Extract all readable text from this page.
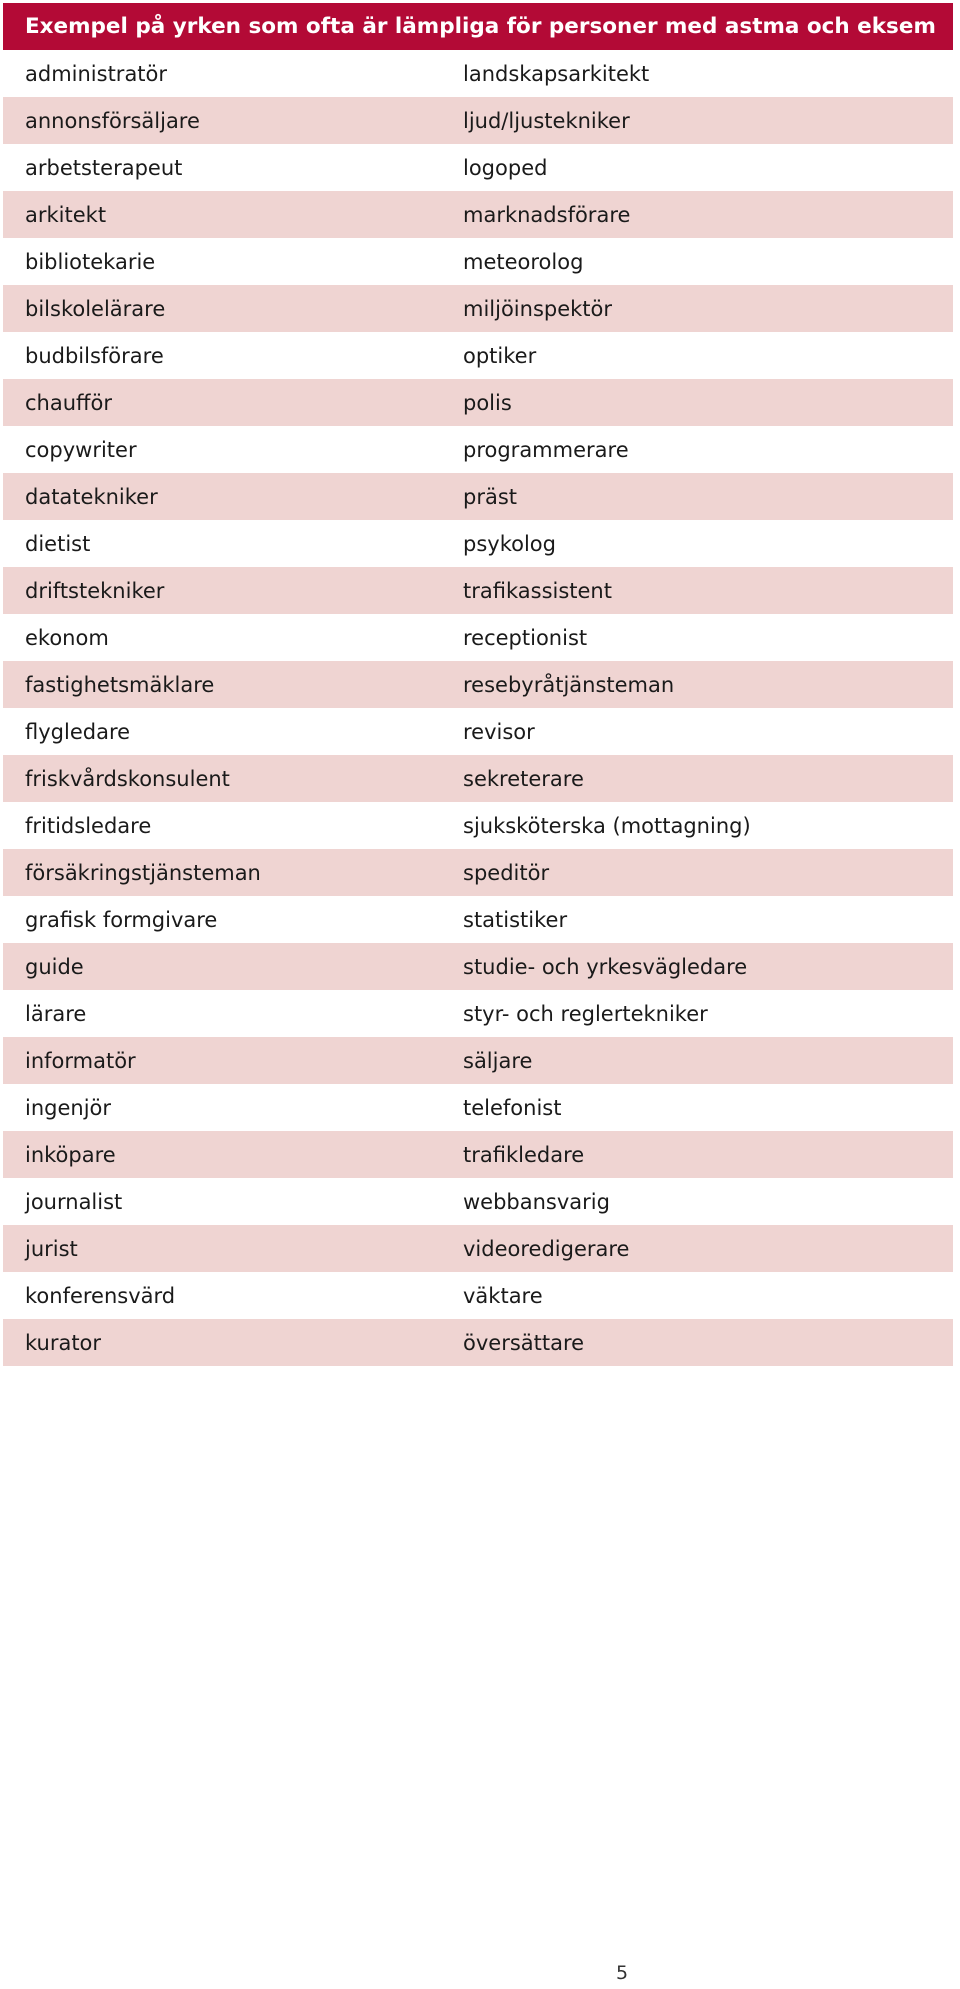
Exempel på yrken som ofta är lämpliga för personer med astma och eksem
administratör	landskapsarkitekt
annonsförsäljare	ljud/ljustekniker
arbetsterapeut	logoped
arkitekt	marknadsförare
bibliotekarie	meteorolog
bilskolelärare	miljöinspektör
budbilsförare	optiker
chaufför	polis
copywriter	programmerare
datatekniker	präst
dietist	psykolog
driftstekniker	trafikassistent
ekonom	receptionist
fastighetsmäklare	resebyråtjänsteman
flygledare	revisor
friskvårdskonsulent	sekreterare
fritidsledare	sjuksköterska (mottagning)
försäkringstjänsteman	speditör
grafisk formgivare	statistiker
guide	studie- och yrkesvägledare
lärare	styr- och reglertekniker
informatör	säljare
ingenjör	telefonist
inköpare	trafikledare
journalist	webbansvarig
jurist	videoredigerare
konferensvärd	väktare
kurator	översättare
5
